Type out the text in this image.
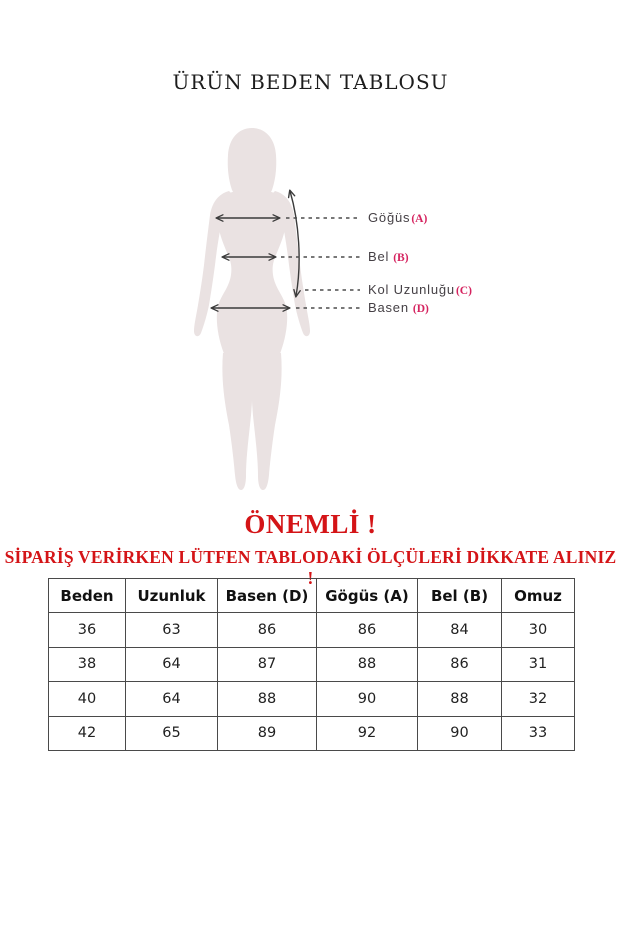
ÜRÜN BEDEN TABLOSU
Göğüs(A)
Bel (B)
Kol Uzunluğu(C)
Basen (D)
ÖNEMLİ !
SİPARİŞ VERİRKEN LÜTFEN TABLODAKİ ÖLÇÜLERİ DİKKATE ALINIZ !
Beden	Uzunluk	Basen (D)	Gögüs (A)	Bel (B)	Omuz
36	63	86	86	84	30
38	64	87	88	86	31
40	64	88	90	88	32
42	65	89	92	90	33
